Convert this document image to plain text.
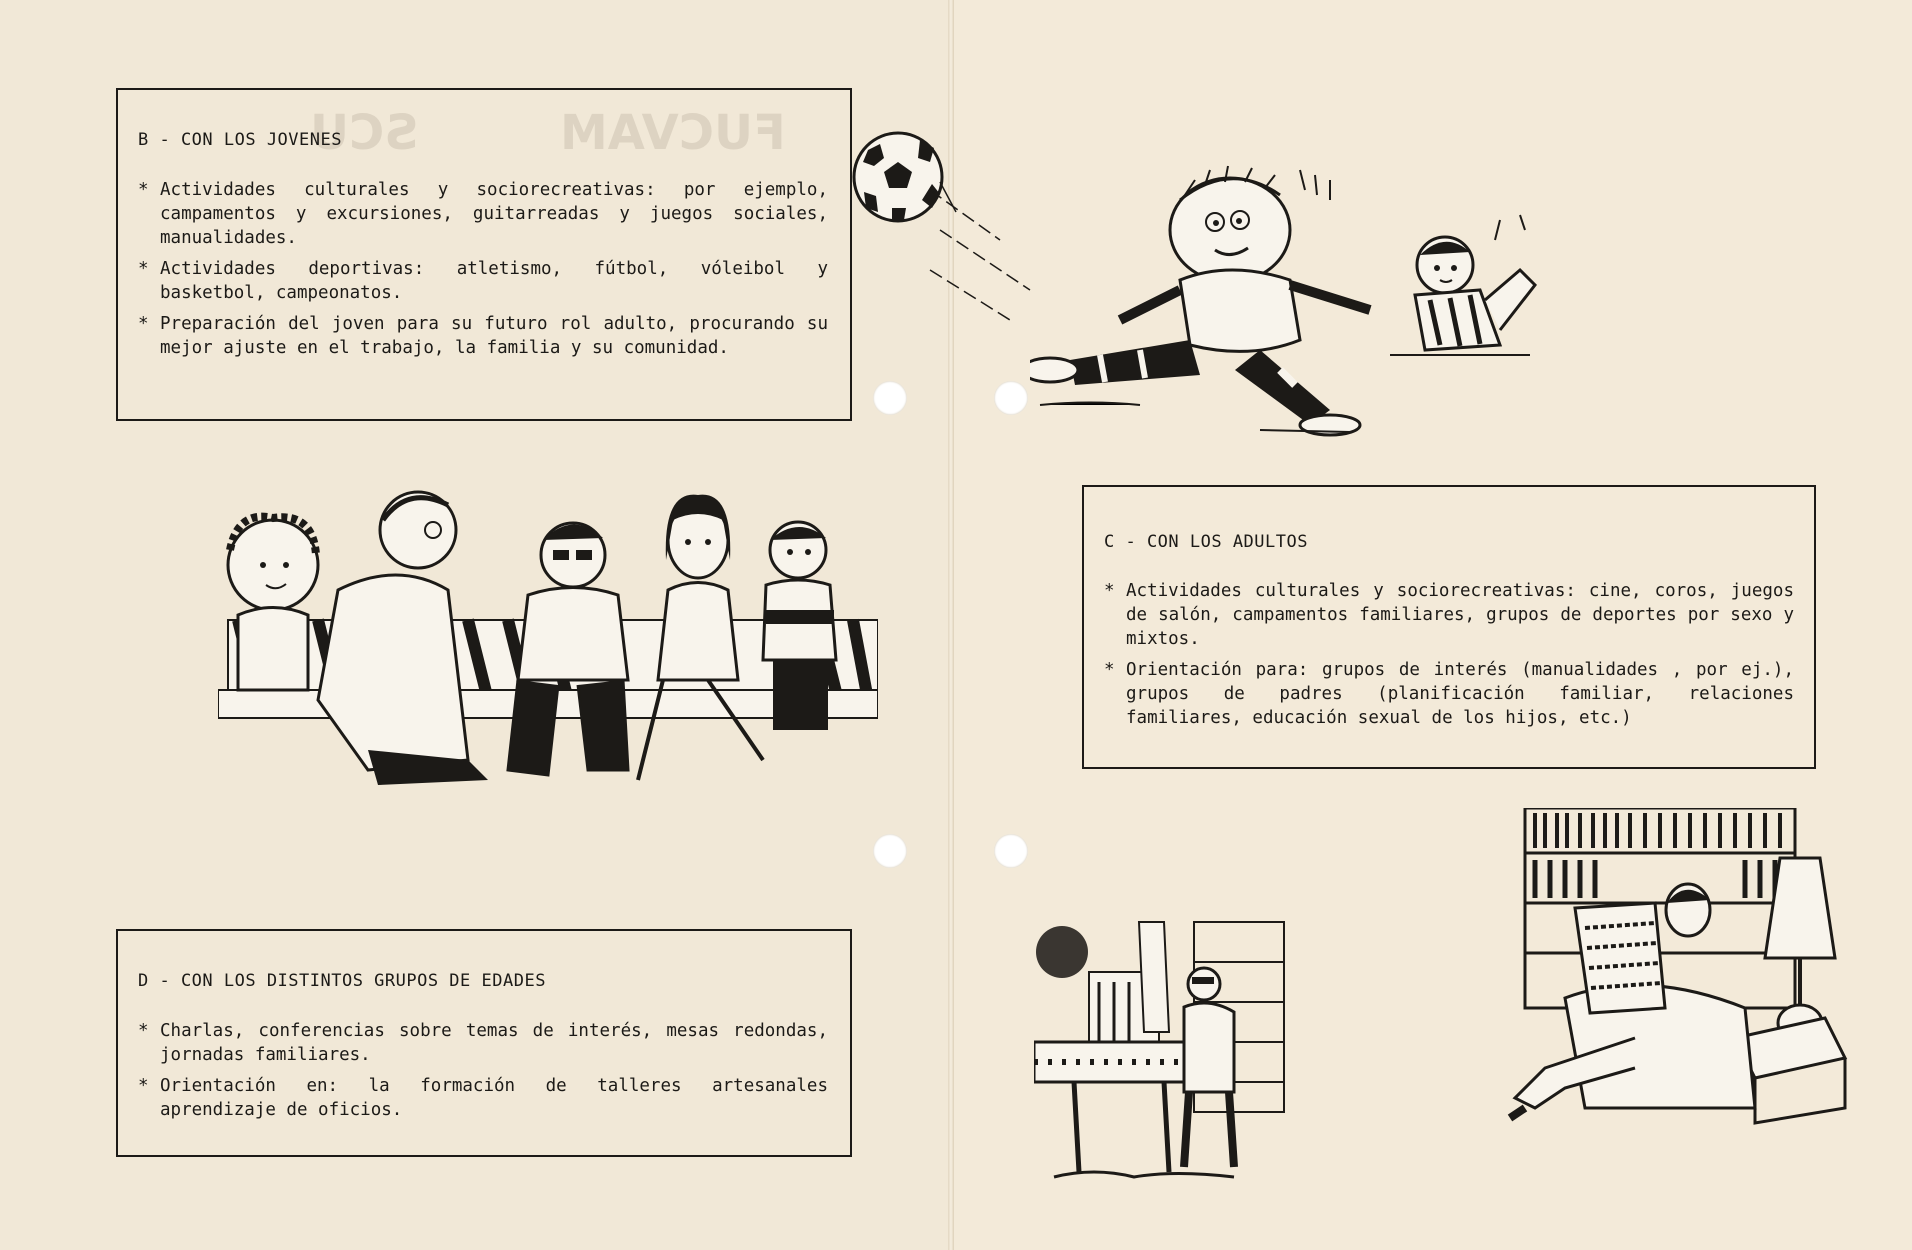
FUCVAM
SCU
B - CON LOS JOVENES
* Actividades culturales y sociorecreativas: por ejemplo, campamentos y excursiones, guitarreadas y juegos sociales, manualidades.
* Actividades deportivas: atletismo, fútbol, vóleibol y basketbol, campeonatos.
* Preparación del joven para su futuro rol adulto, procurando su mejor ajuste en el trabajo, la familia y su comunidad.
C - CON LOS ADULTOS
* Actividades culturales y sociorecreativas: cine, coros, juegos de salón, campamentos familiares, grupos de deportes por sexo y mixtos.
* Orientación para: grupos de interés (manualidades , por ej.), grupos de padres (planificación familiar, relaciones familiares, educación sexual de los hijos, etc.)
D - CON LOS DISTINTOS GRUPOS DE EDADES
* Charlas, conferencias sobre temas de interés, mesas redondas, jornadas familiares.
* Orientación en: la formación de talleres artesanales aprendizaje de oficios.
